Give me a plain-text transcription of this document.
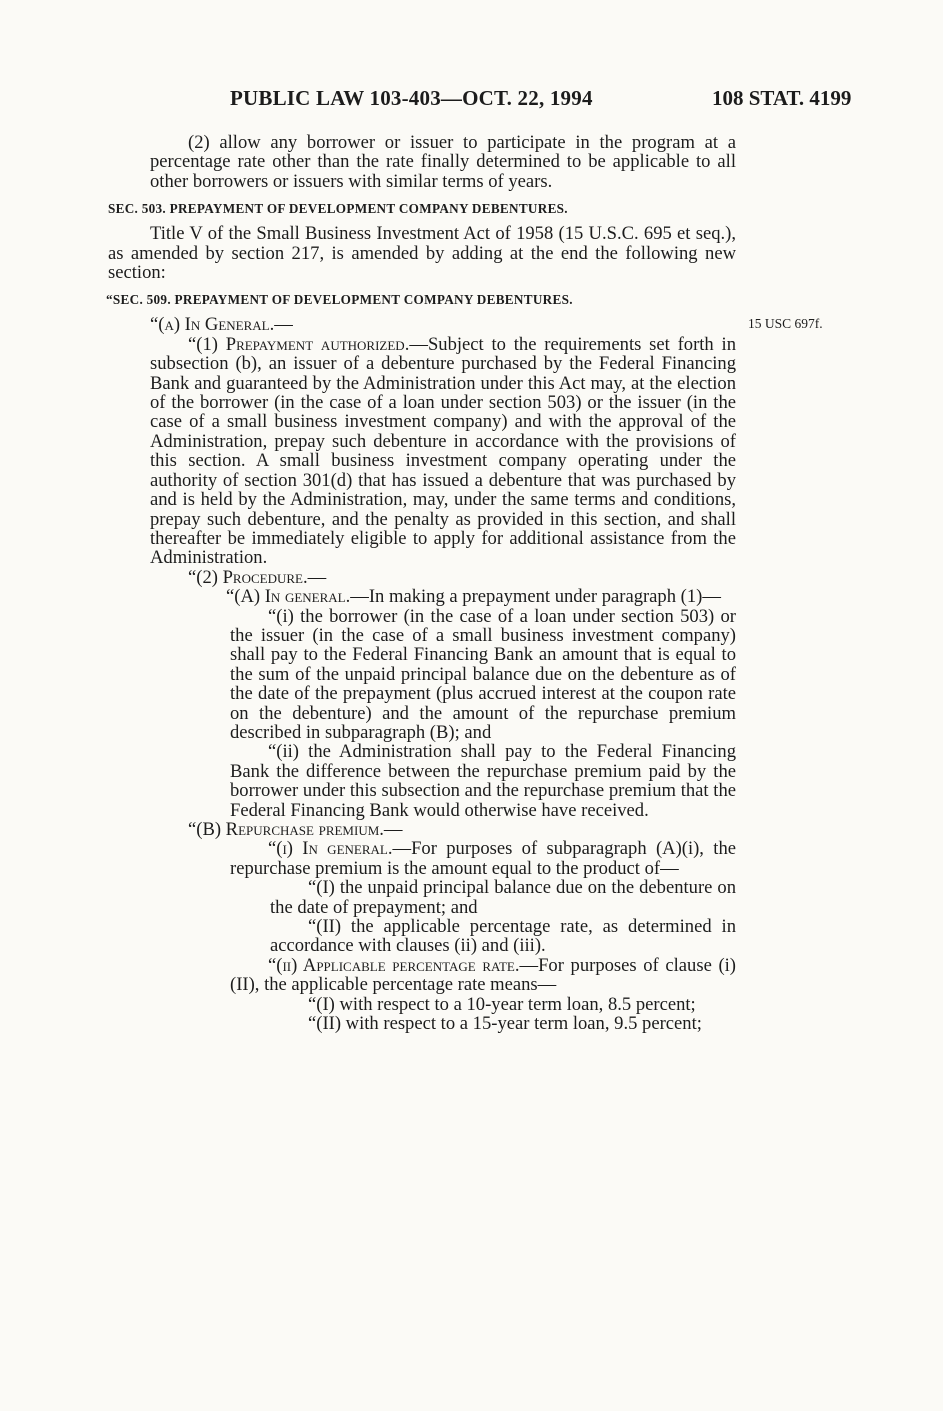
PUBLIC LAW 103-403—OCT. 22, 1994	108 STAT. 4199
15 USC 697f.

(2) allow any borrower or issuer to participate in the program at a percentage rate other than the rate finally determined to be applicable to all other borrowers or issuers with similar terms of years.

SEC. 503. PREPAYMENT OF DEVELOPMENT COMPANY DEBENTURES.

Title V of the Small Business Investment Act of 1958 (15 U.S.C. 695 et seq.), as amended by section 217, is amended by adding at the end the following new section:

“SEC. 509. PREPAYMENT OF DEVELOPMENT COMPANY DEBENTURES.

“(a) In General.—

“(1) Prepayment authorized.—Subject to the requirements set forth in subsection (b), an issuer of a debenture purchased by the Federal Financing Bank and guaranteed by the Administration under this Act may, at the election of the borrower (in the case of a loan under section 503) or the issuer (in the case of a small business investment company) and with the approval of the Administration, prepay such debenture in accordance with the provisions of this section. A small business investment company operating under the authority of section 301(d) that has issued a debenture that was purchased by and is held by the Administration, may, under the same terms and conditions, prepay such debenture, and the penalty as provided in this section, and shall thereafter be immediately eligible to apply for additional assistance from the Administration.

“(2) Procedure.—

“(A) In general.—In making a prepayment under paragraph (1)—

“(i) the borrower (in the case of a loan under section 503) or the issuer (in the case of a small business investment company) shall pay to the Federal Financing Bank an amount that is equal to the sum of the unpaid principal balance due on the debenture as of the date of the prepayment (plus accrued interest at the coupon rate on the debenture) and the amount of the repurchase premium described in subparagraph (B); and

“(ii) the Administration shall pay to the Federal Financing Bank the difference between the repurchase premium paid by the borrower under this subsection and the repurchase premium that the Federal Financing Bank would otherwise have received.

“(B) Repurchase premium.—

“(i) In general.—For purposes of subparagraph (A)(i), the repurchase premium is the amount equal to the product of—

“(I) the unpaid principal balance due on the debenture on the date of prepayment; and

“(II) the applicable percentage rate, as determined in accordance with clauses (ii) and (iii).

“(ii) Applicable percentage rate.—For purposes of clause (i)(II), the applicable percentage rate means—

“(I) with respect to a 10-year term loan, 8.5 percent;

“(II) with respect to a 15-year term loan, 9.5 percent;
